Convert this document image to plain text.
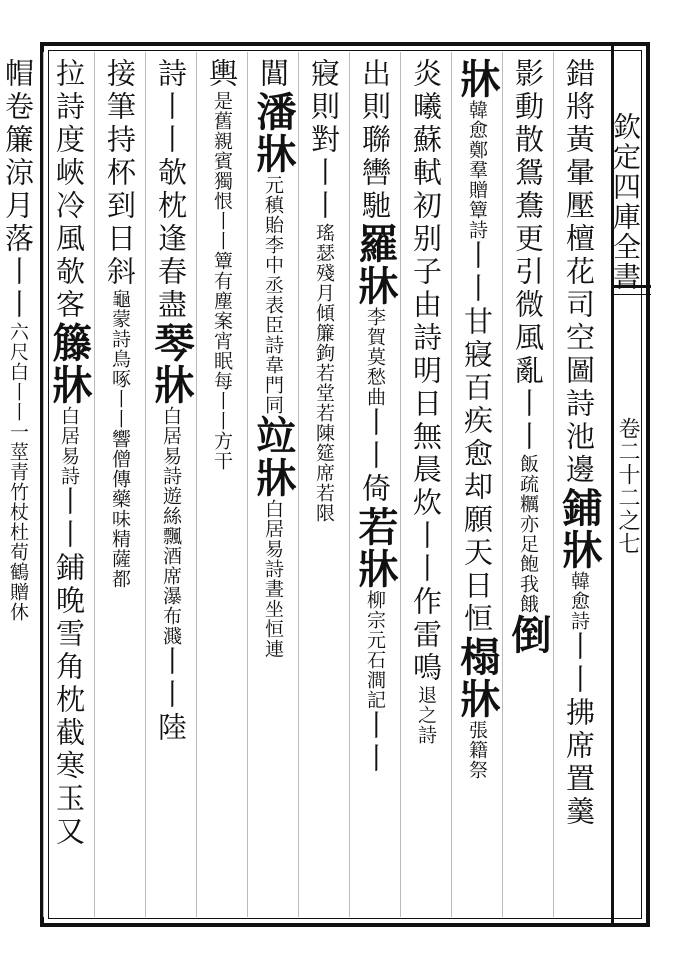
欽定四庫全書
卷二十二之七
錯將黃暈壓檀花司空圖詩池邊鋪牀韓愈詩丨丨拂席置羹
影動散鴛鴦更引微風亂丨丨飯疏糲亦足飽我餓倒
牀韓愈鄭羣贈簟詩丨丨甘寢百疾愈却願天日恒榻牀張籍祭
炎曦蘇軾初别子由詩明日無晨炊丨丨作雷鳴退之詩
出則聯轡馳羅牀李賀莫愁曲丨丨倚若牀柳宗元石澗記丨丨
寢則對丨丨瑤瑟殘月傾簾鉤若堂若陳筵席若限
閶潘牀元稹貽李中丞表臣詩韋門同竝牀白居易詩晝坐恒連
輿是舊親賓獨恨丨丨簟有塵案宵眠每丨丨方干
詩丨丨欹枕逢春盡琴牀白居易詩遊絲飄酒席瀑布濺丨丨陸
接筆持杯到日斜龜蒙詩鳥啄丨丨響僧傳藥味精薩都
拉詩度峽冷風欹客籐牀白居易詩丨丨鋪晚雪角枕截寒玉又
帽卷簾涼月落丨丨六尺白丨丨一莖青竹杖杜荀鶴贈休
